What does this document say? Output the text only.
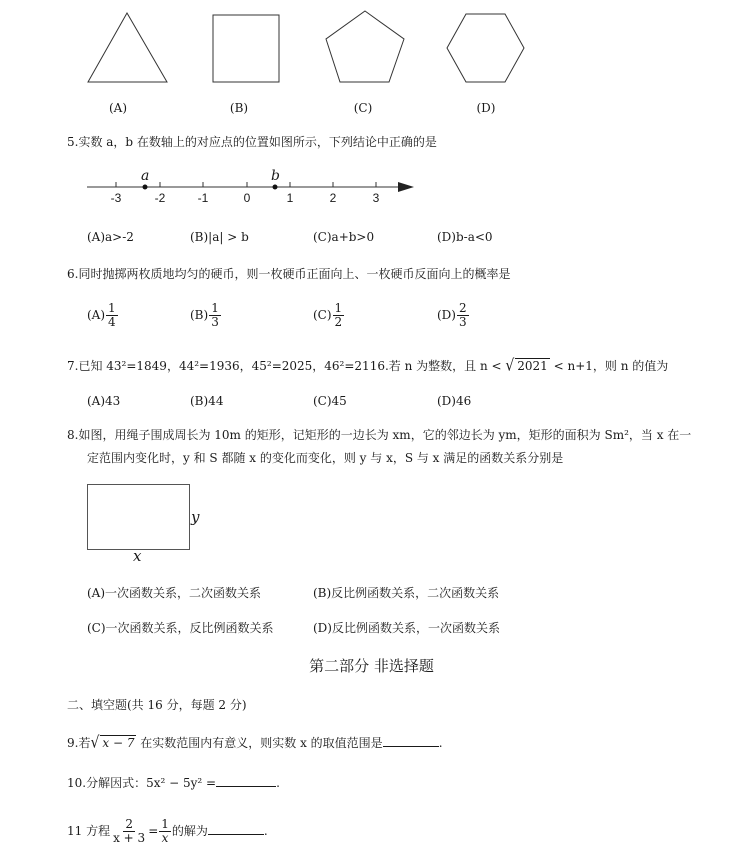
(A)	(B)	(C)	(D)
5.实数 a，b 在数轴上的对应点的位置如图所示，下列结论中正确的是
a	b
-3	-2	-1	0	1	2	3
(A)a>-2	(B)|a| > b	(C)a+b>0	(D)b-a<0
6.同时抛掷两枚质地均匀的硬币，则一枚硬币正面向上、一枚硬币反面向上的概率是
$(A) \frac{1}{4}$	$(B) \frac{1}{3}$	$(C) \frac{1}{2}$	$(D) \frac{2}{3}$
7.已知 43²=1849，44²=1936，45²=2025，46²=2116.若 n 为整数，且 n < √ 2021 < n+1，则 n 的值为
(A)43	(B)44	(C)45	(D)46
8.如图，用绳子围成周长为 10m 的矩形，记矩形的一边长为 xm，它的邻边长为 ym，矩形的面积为 Sm²，当 x 在一
定范围内变化时，y 和 S 都随 x 的变化而变化，则 y 与 x，S 与 x 满足的函数关系分别是
y
x
(A)一次函数关系，二次函数关系	(B)反比例函数关系，二次函数关系
(C)一次函数关系，反比例函数关系	(D)反比例函数关系，一次函数关系
第二部分 非选择题
二、填空题(共 16 分，每题 2 分)
9.若√ x − 7 在实数范围内有意义，则实数 x 的取值范围是	.
10.分解因式：5x² − 5y² =	.
11 方程 $\frac{2}{x + 3} = \frac{1}{x}$ 的解为	.
